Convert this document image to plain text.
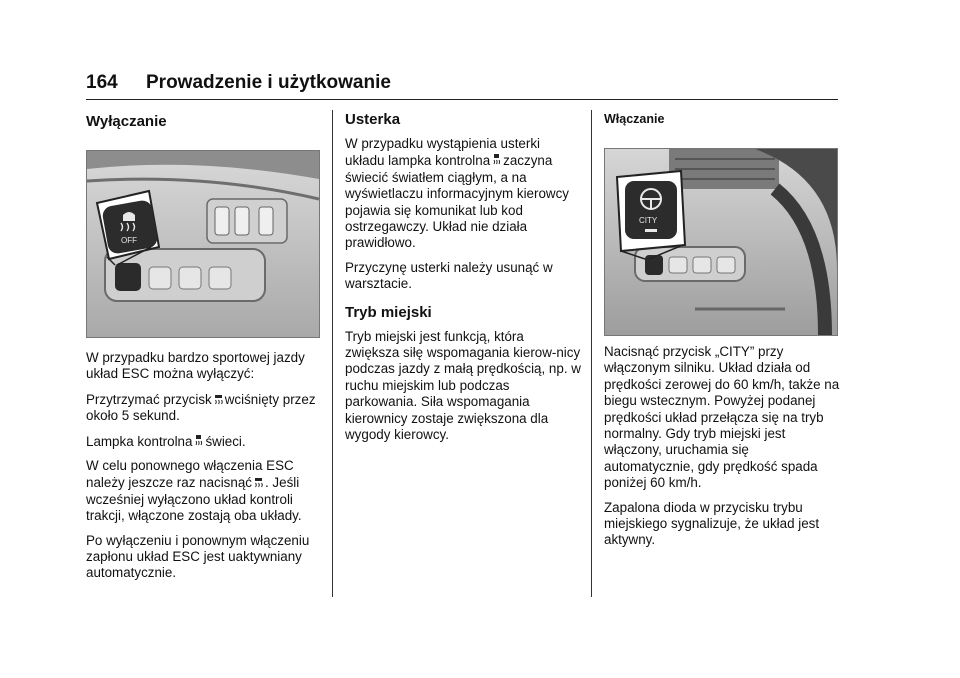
164 Prowadzenie i użytkowanie
Wyłączanie
OFF

W przypadku bardzo sportowej jazdy układ ESC można wyłączyć:

Przytrzymać przycisk wciśnięty przez około 5 sekund.

Lampka kontrolna świeci.

W celu ponownego włączenia ESC należy jeszcze raz nacisnąć . Jeśli wcześniej wyłączono układ kontroli trakcji, włączone zostają oba układy.

Po wyłączeniu i ponownym włączeniu zapłonu układ ESC jest uaktywniany automatycznie.

Usterka

W przypadku wystąpienia usterki układu lampka kontrolna zaczyna świecić światłem ciągłym, a na wyświetlaczu informacyjnym kierowcy pojawia się komunikat lub kod ostrzegawczy. Układ nie działa prawidłowo.

Przyczynę usterki należy usunąć w warsztacie.

Tryb miejski

Tryb miejski jest funkcją, która zwiększa siłę wspomagania kierow-nicy podczas jazdy z małą prędkością, np. w ruchu miejskim lub podczas parkowania. Siła wspomagania kierownicy zostaje zwiększona dla wygody kierowcy.

Włączanie
CITY

Nacisnąć przycisk „CITY” przy włączonym silniku. Układ działa od prędkości zerowej do 60 km/h, także na biegu wstecznym. Powyżej podanej prędkości układ przełącza się na tryb normalny. Gdy tryb miejski jest włączony, uruchamia się automatycznie, gdy prędkość spada poniżej 60 km/h.

Zapalona dioda w przycisku trybu miejskiego sygnalizuje, że układ jest aktywny.
